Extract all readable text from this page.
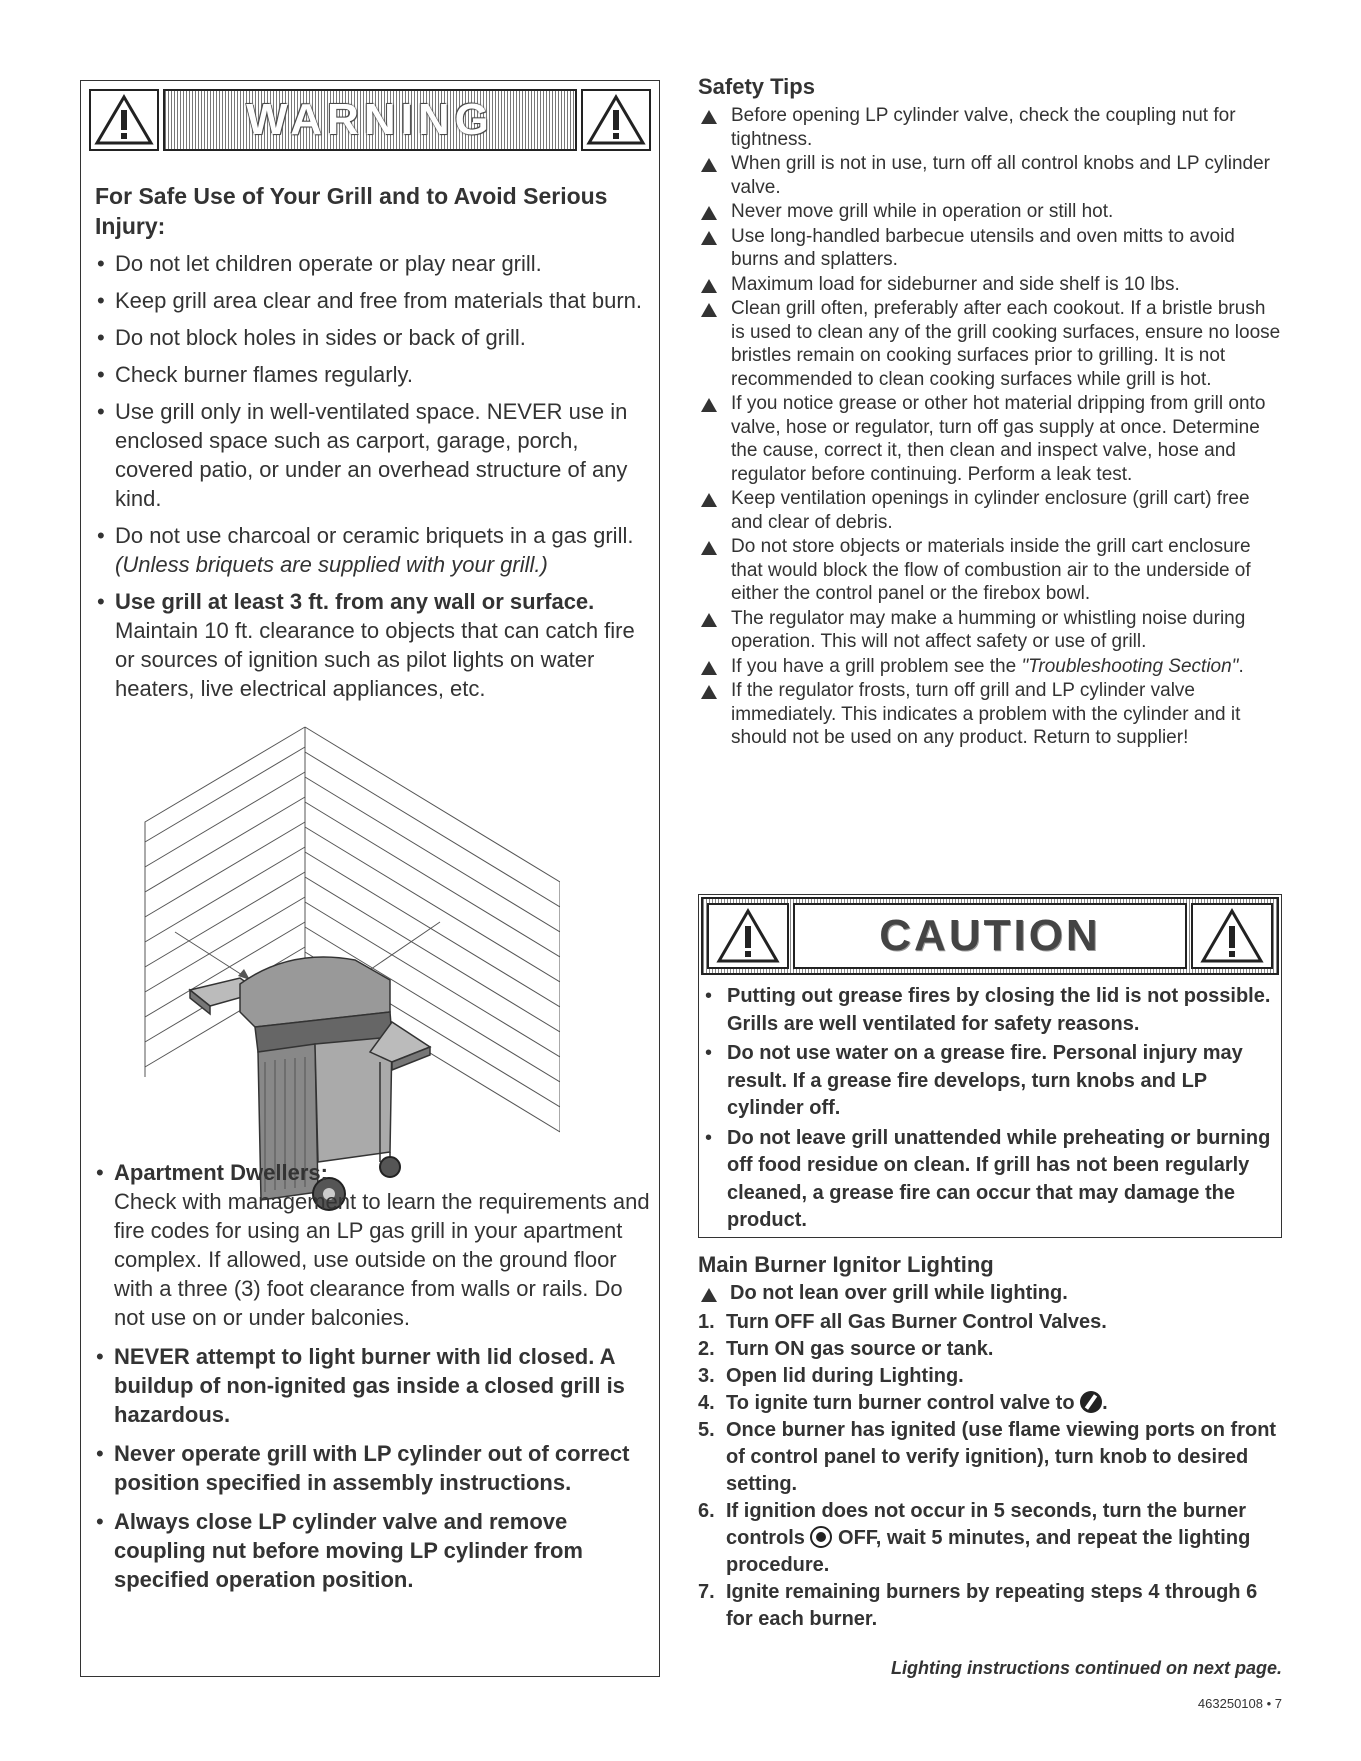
WARNING
For Safe Use of Your Grill and to Avoid Serious Injury:
• Do not let children operate or play near grill.
• Keep grill area clear and free from materials that burn.
• Do not block holes in sides or back of grill.
• Check burner flames regularly.
• Use grill only in well-ventilated space. NEVER use in enclosed space such as carport, garage, porch, covered patio, or under an overhead structure of any kind.
• Do not use charcoal or ceramic briquets in a gas grill. (Unless briquets are supplied with your grill.)
• Use grill at least 3 ft. from any wall or surface. Maintain 10 ft. clearance to objects that can catch fire or sources of ignition such as pilot lights on water heaters, live electrical appliances, etc.
• Apartment Dwellers:
Check with management to learn the requirements and fire codes for using an LP gas grill in your apartment complex. If allowed, use outside on the ground floor with a three (3) foot clearance from walls or rails. Do not use on or under balconies.
• NEVER attempt to light burner with lid closed. A buildup of non-ignited gas inside a closed grill is hazardous.
• Never operate grill with LP cylinder out of correct position specified in assembly instructions.
• Always close LP cylinder valve and remove coupling nut before moving LP cylinder from specified operation position.
Safety Tips
Before opening LP cylinder valve, check the coupling nut for tightness.
When grill is not in use, turn off all control knobs and LP cylinder valve.
Never move grill while in operation or still hot.
Use long-handled barbecue utensils and oven mitts to avoid burns and splatters.
Maximum load for sideburner and side shelf is 10 lbs.
Clean grill often, preferably after each cookout. If a bristle brush is used to clean any of the grill cooking surfaces, ensure no loose bristles remain on cooking surfaces prior to grilling. It is not recommended to clean cooking surfaces while grill is hot.
If you notice grease or other hot material dripping from grill onto valve, hose or regulator, turn off gas supply at once. Determine the cause, correct it, then clean and inspect valve, hose and regulator before continuing. Perform a leak test.
Keep ventilation openings in cylinder enclosure (grill cart) free and clear of debris.
Do not store objects or materials inside the grill cart enclosure that would block the flow of combustion air to the underside of either the control panel or the firebox bowl.
The regulator may make a humming or whistling noise during operation. This will not affect safety or use of grill.
If you have a grill problem see the "Troubleshooting Section".
If the regulator frosts, turn off grill and LP cylinder valve immediately. This indicates a problem with the cylinder and it should not be used on any product. Return to supplier!
CAUTION
• Putting out grease fires by closing the lid is not possible. Grills are well ventilated for safety reasons.
• Do not use water on a grease fire. Personal injury may result. If a grease fire develops, turn knobs and LP cylinder off.
• Do not leave grill unattended while preheating or burning off food residue on clean. If grill has not been regularly cleaned, a grease fire can occur that may damage the product.
Main Burner Ignitor Lighting
Do not lean over grill while lighting.
1. Turn OFF all Gas Burner Control Valves.
2. Turn ON gas source or tank.
3. Open lid during Lighting.
4. To ignite turn burner control valve to .
5. Once burner has ignited (use flame viewing ports on front of control panel to verify ignition), turn knob to desired setting.
6. If ignition does not occur in 5 seconds, turn the burner controls  OFF, wait 5 minutes, and repeat the lighting procedure.
7. Ignite remaining burners by repeating steps 4 through 6 for each burner.
Lighting instructions continued on next page.
463250108 • 7
